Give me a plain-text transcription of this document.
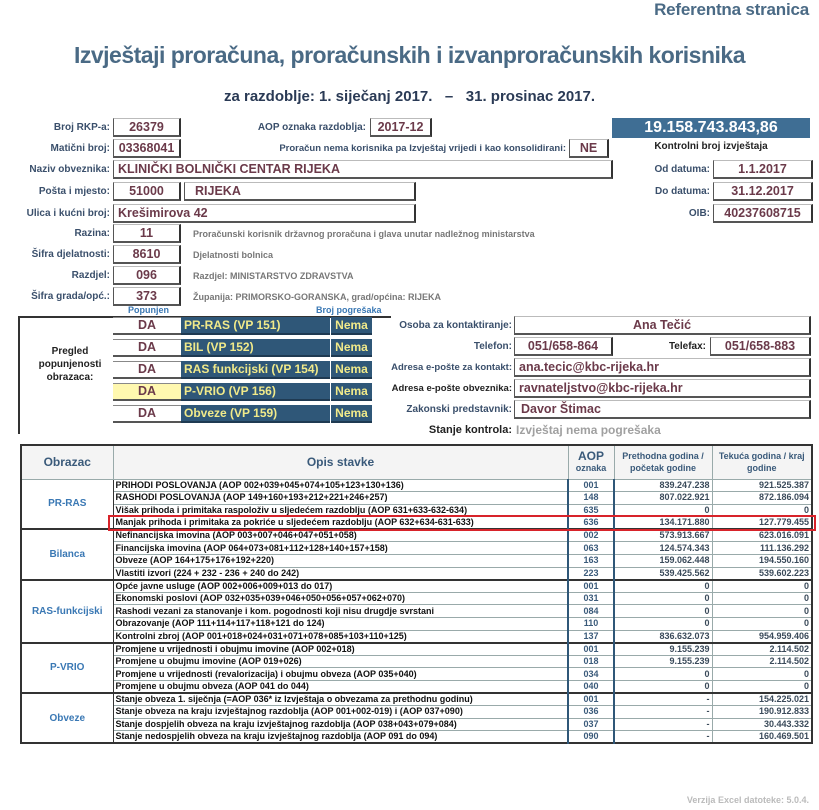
Referentna stranica
Izvještaji proračuna, proračunskih i izvanproračunskih korisnika
za razdoblje: 1. siječanj 2017.   –   31. prosinac 2017.
Broj RKP-a:	26379	AOP oznaka razdoblja: 2017-12	19.158.743.843,86
Kontrolni broj izvještaja
Matični broj: 03368041	Proračun nema korisnika pa Izvještaj vrijedi i kao konsolidirani:	NE
Naziv obveznika: KLINIČKI BOLNIČKI CENTAR RIJEKA	Od datuma:	1.1.2017
Pošta i mjesto:	51000	RIJEKA	Do datuma:	31.12.2017
Ulica i kućni broj: Krešimirova 42	OIB:	40237608715
Razina:	11	Proračunski korisnik državnog proračuna i glava unutar nadležnog ministarstva
Šifra djelatnosti:	8610	Djelatnosti bolnica
Razdjel:	096	Razdjel: MINISTARSTVO ZDRAVSTVA
Šifra grada/opć.:	373	Županija: PRIMORSKO-GORANSKA, grad/općina: RIJEKA
Popunjen	Broj pogrešaka
Pregled popunjenosti obrazaca:
DA	PR-RAS (VP 151)	Nema
DA	BIL (VP 152)	Nema
DA	RAS funkcijski (VP 154)	Nema
DA	P-VRIO (VP 156)	Nema
DA	Obveze (VP 159)	Nema
Osoba za kontaktiranje:	Ana Tečić
Telefon:	051/658-864	Telefax:	051/658-883
Adresa e-pošte za kontakt: ana.tecic@kbc-rijeka.hr
Adresa e-pošte obveznika: ravnateljstvo@kbc-rijeka.hr
Zakonski predstavnik: Davor Štimac
Stanje kontrola: Izvještaj nema pogrešaka
Obrazac	Opis stavke	AOP
oznaka	Prethodna godina / početak godine	Tekuća godina / kraj godine
PR-RAS	PRIHODI POSLOVANJA (AOP 002+039+045+074+105+123+130+136)	001	839.247.238	921.525.387
	RASHODI POSLOVANJA (AOP 149+160+193+212+221+246+257)	148	807.022.921	872.186.094
	Višak prihoda i primitaka raspoloživ u sljedećem razdoblju (AOP 631+633-632-634)	635	0	0
	Manjak prihoda i primitaka za pokriće u sljedećem razdoblju (AOP 632+634-631-633)	636	134.171.880	127.779.455
Bilanca	Nefinancijska imovina (AOP 003+007+046+047+051+058)	002	573.913.667	623.016.091
	Financijska imovina (AOP 064+073+081+112+128+140+157+158)	063	124.574.343	111.136.292
	Obveze (AOP 164+175+176+192+220)	163	159.062.448	194.550.160
	Vlastiti izvori (224 + 232 - 236 + 240 do 242)	223	539.425.562	539.602.223
RAS-funkcijski	Opće javne usluge (AOP 002+006+009+013 do 017)	001	0	0
	Ekonomski poslovi (AOP 032+035+039+046+050+056+057+062+070)	031	0	0
	Rashodi vezani za stanovanje i kom. pogodnosti koji nisu drugdje svrstani	084	0	0
	Obrazovanje (AOP 111+114+117+118+121 do 124)	110	0	0
	Kontrolni zbroj (AOP 001+018+024+031+071+078+085+103+110+125)	137	836.632.073	954.959.406
P-VRIO	Promjene u vrijednosti i obujmu imovine (AOP 002+018)	001	9.155.239	2.114.502
	Promjene u obujmu imovine (AOP 019+026)	018	9.155.239	2.114.502
	Promjene u vrijednosti (revalorizacija) i obujmu obveza (AOP 035+040)	034	0	0
	Promjene u obujmu obveza (AOP 041 do 044)	040	0	0
Obveze	Stanje obveza 1. siječnja (=AOP 036* iz Izvještaja o obvezama za prethodnu godinu)	001	-	154.225.021
	Stanje obveza na kraju izvještajnog razdoblja (AOP 001+002-019) i (AOP 037+090)	036	-	190.912.833
	Stanje dospjelih obveza na kraju izvještajnog razdoblja (AOP 038+043+079+084)	037	-	30.443.332
	Stanje nedospjelih obveza na kraju izvještajnog razdoblja (AOP 091 do 094)	090	-	160.469.501
Verzija Excel datoteke: 5.0.4.
